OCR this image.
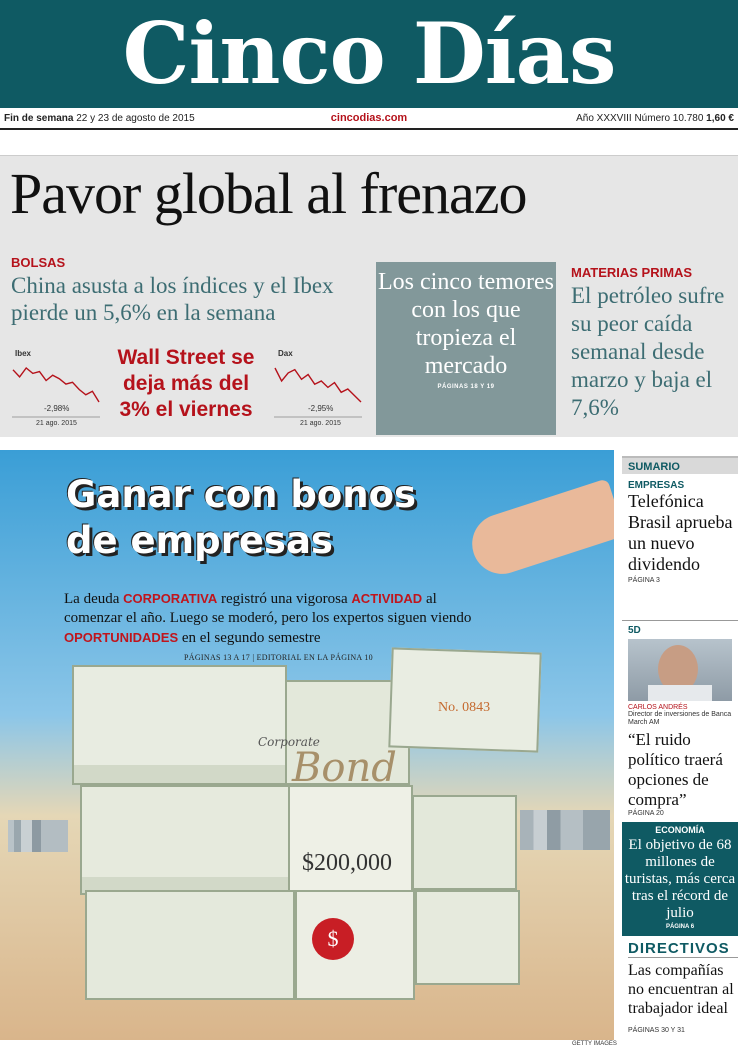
Cinco Días
Fin de semana 22 y 23 de agosto de 2015	cincodias.com	Año XXXVIII Número 10.780 1,60 €
Pavor global al frenazo
BOLSAS
China asusta a los índices y el Ibex pierde un 5,6% en la semana
Ibex
-2,98%
21 ago. 2015
Wall Street se deja más del 3% el viernes
Dax
-2,95%
21 ago. 2015
Los cinco temores con los que tropieza el mercado
PÁGINAS 18 Y 19
MATERIAS PRIMAS
El petróleo sufre su peor caída semanal desde marzo y baja el 7,6%
Corporate
Bond
$200,000
No. 0843
$
Ganar con bonos
de empresas
La deuda CORPORATIVA registró una vigorosa ACTIVIDAD al comenzar el año. Luego se moderó, pero los expertos siguen viendo OPORTUNIDADES en el segundo semestre
PÁGINAS 13 A 17 | EDITORIAL EN LA PÁGINA 10
GETTY IMAGES
SUMARIO
EMPRESAS
Telefónica Brasil aprueba un nuevo dividendo
PÁGINA 3
5D
CARLOS ANDRÉS
Director de inversiones de Banca March AM
“El ruido político traerá opciones de compra”
PÁGINA 20
ECONOMÍA
El objetivo de 68 millones de turistas, más cerca tras el récord de julio
PÁGINA 6
DIRECTIVOS
Las compañías no encuentran al trabajador ideal PÁGINAS 30 Y 31
